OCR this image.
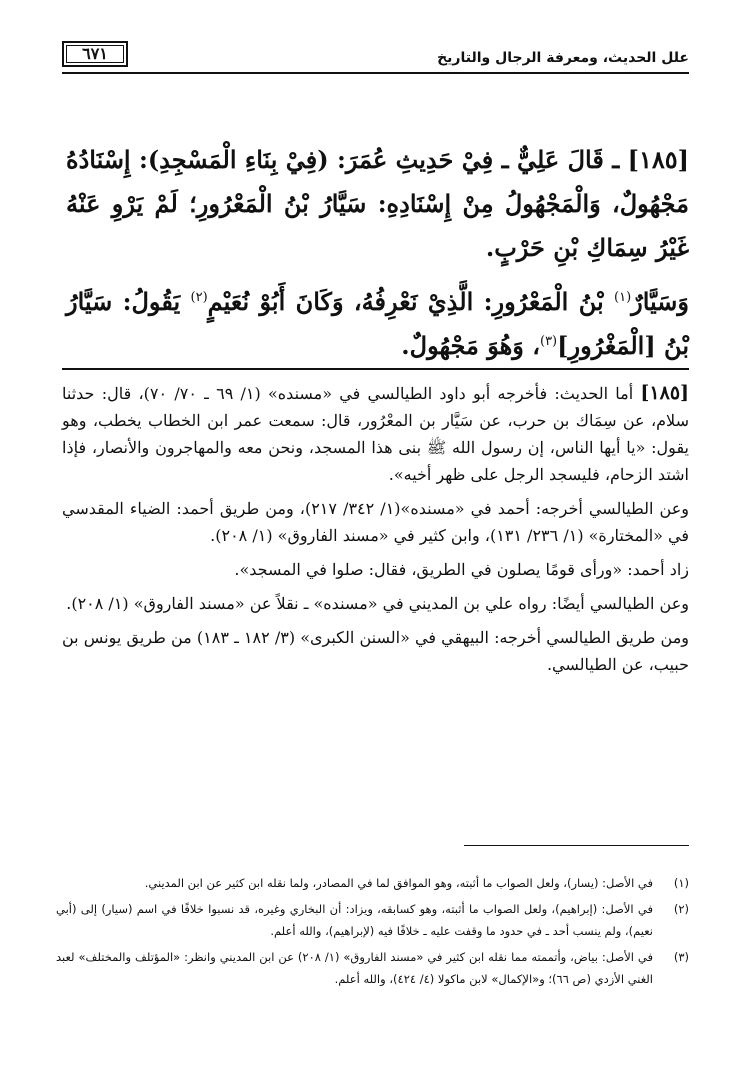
علل الحديث، ومعرفة الرجال والتاريخ
٦٧١

[١٨٥] ـ قَالَ عَلِيٌّ ـ فِيْ حَدِيثِ عُمَرَ: (فِيْ بِنَاءِ الْمَسْجِدِ): إِسْنَادُهُ مَجْهُولٌ، وَالْمَجْهُولُ مِنْ إِسْنَادِهِ: سَيَّارُ بْنُ الْمَعْرُورِ؛ لَمْ يَرْوِ عَنْهُ غَيْرُ سِمَاكِ بْنِ حَرْبٍ.

وَسَيَّارٌ$^{(١)}$ بْنُ الْمَعْرُورِ: الَّذِيْ نَعْرِفُهُ، وَكَانَ أَبُوْ نُعَيْمٍ$^{(٢)}$ يَقُولُ: سَيَّارُ بْنُ [الْمَغْرُورِ]$^{(٣)}$، وَهُوَ مَجْهُولٌ.

[١٨٥] أما الحديث: فأخرجه أبو داود الطيالسي في «مسنده» (١/ ٦٩ ـ ٧٠/ ٧٠)، قال: حدثنا سلام، عن سِمَاك بن حرب، عن سَيَّار بن المعْرُور، قال: سمعت عمر ابن الخطاب يخطب، وهو يقول: «يا أيها الناس، إن رسول الله ﷺ بنى هذا المسجد، ونحن معه والمهاجرون والأنصار، فإذا اشتد الزحام، فليسجد الرجل على ظهر أخيه».

وعن الطيالسي أخرجه: أحمد في «مسنده»(١/ ٣٤٢/ ٢١٧)، ومن طريق أحمد: الضياء المقدسي في «المختارة» (١/ ٢٣٦/ ١٣١)، وابن كثير في «مسند الفاروق» (١/ ٢٠٨).

زاد أحمد: «ورأى قومًا يصلون في الطريق، فقال: صلوا في المسجد».

وعن الطيالسي أيضًا: رواه علي بن المديني في «مسنده» ـ نقلاً عن «مسند الفاروق» (١/ ٢٠٨).

ومن طريق الطيالسي أخرجه: البيهقي في «السنن الكبرى» (٣/ ١٨٢ ـ ١٨٣) من طريق يونس بن حبيب، عن الطيالسي.

(١)
في الأصل: (يسار)، ولعل الصواب ما أثبته، وهو الموافق لما في المصادر، ولما نقله ابن كثير عن ابن المديني.
(٢)
في الأصل: (إبراهيم)، ولعل الصواب ما أثبته، وهو كسابقه، ويزاد: أن البخاري وغيره، قد نسبوا خلافًا في اسم (سيار) إلى (أبي نعيم)، ولم ينسب أحد ـ في حدود ما وقفت عليه ـ خلافًا فيه (لإبراهيم)، والله أعلم.
(٣)
في الأصل: بياض، وأتممته مما نقله ابن كثير في «مسند الفاروق» (١/ ٢٠٨) عن ابن المديني وانظر: «المؤتلف والمختلف» لعبد الغني الأزدي (ص ٦٦)؛ و«الإكمال» لابن ماكولا (٤/ ٤٢٤)، والله أعلم.
